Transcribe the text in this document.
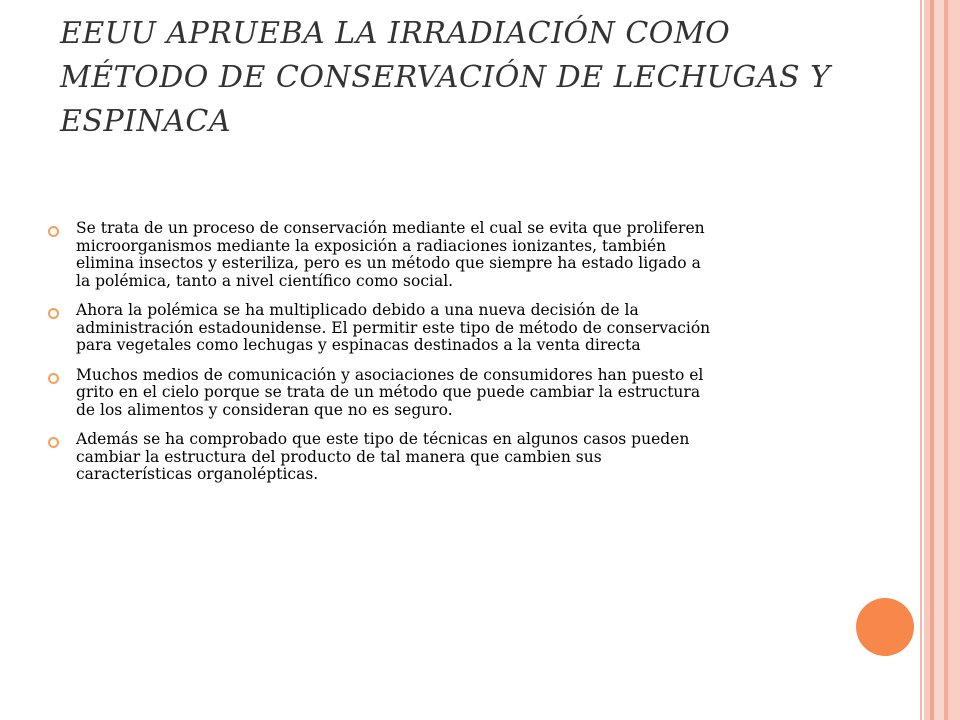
EEUU APRUEBA LA IRRADIACIÓN COMO MÉTODO DE CONSERVACIÓN DE LECHUGAS Y ESPINACA
Se trata de un proceso de conservación mediante el cual se evita que proliferen microorganismos mediante la exposición a radiaciones ionizantes, también elimina insectos y esteriliza, pero es un método que siempre ha estado ligado a la polémica, tanto a nivel científico como social.
Ahora la polémica se ha multiplicado debido a una nueva decisión de la administración estadounidense. El permitir este tipo de método de conservación para vegetales como lechugas y espinacas destinados a la venta directa
Muchos medios de comunicación y asociaciones de consumidores han puesto el grito en el cielo porque se trata de un método que puede cambiar la estructura de los alimentos y consideran que no es seguro.
Además se ha comprobado que este tipo de técnicas en algunos casos pueden cambiar la estructura del producto de tal manera que cambien sus características organolépticas.
